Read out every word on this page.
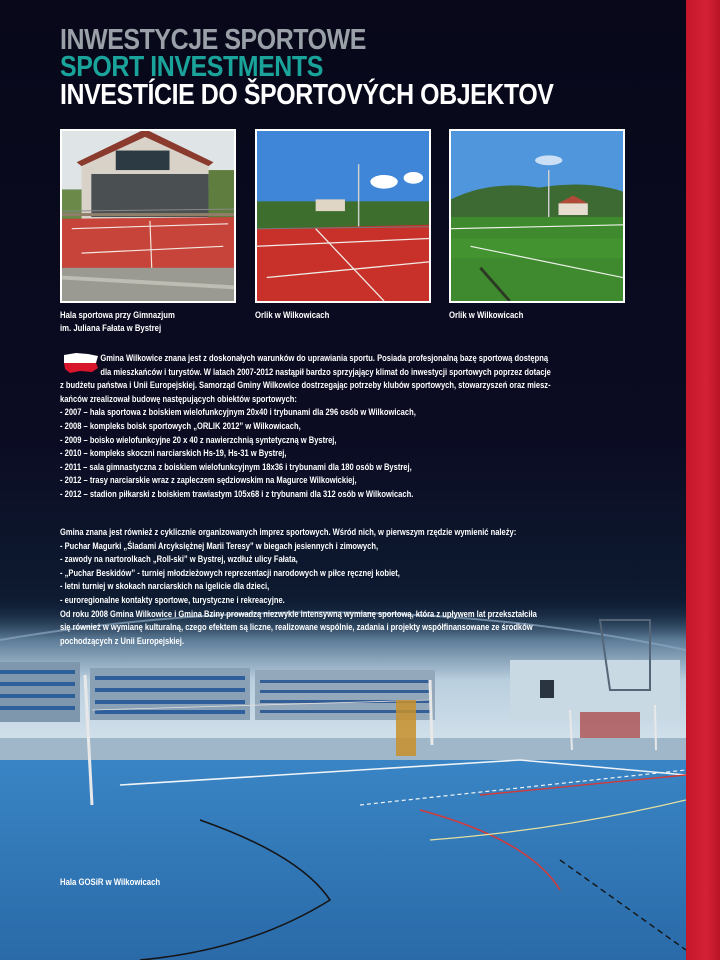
INWESTYCJE SPORTOWE
SPORT INVESTMENTS
INVESTÍCIE DO ŠPORTOVÝCH OBJEKTOV
Hala sportowa przy Gimnazjum
im. Juliana Fałata w Bystrej
Orlik w Wilkowicach	Orlik w Wilkowicach
Gmina Wilkowice znana jest z doskonałych warunków do uprawiania sportu. Posiada profesjonalną bazę sportową dostępną
dla mieszkańców i turystów. W latach 2007-2012 nastąpił bardzo sprzyjający klimat do inwestycji sportowych poprzez dotacje
z budżetu państwa i Unii Europejskiej. Samorząd Gminy Wilkowice dostrzegając potrzeby klubów sportowych, stowarzyszeń oraz miesz-
kańców zrealizował budowę następujących obiektów sportowych:
- 2007 – hala sportowa z boiskiem wielofunkcyjnym 20x40 i trybunami dla 296 osób w Wilkowicach,
- 2008 – kompleks boisk sportowych „ORLIK 2012” w Wilkowicach,
- 2009 – boisko wielofunkcyjne 20 x 40 z nawierzchnią syntetyczną w Bystrej,
- 2010 – kompleks skoczni narciarskich Hs-19, Hs-31 w Bystrej,
- 2011 – sala gimnastyczna z boiskiem wielofunkcyjnym 18x36 i trybunami dla 180 osób w Bystrej,
- 2012 – trasy narciarskie wraz z zapleczem sędziowskim na Magurce Wilkowickiej,
- 2012 – stadion piłkarski z boiskiem trawiastym 105x68 i z trybunami dla 312 osób w Wilkowicach.
Gmina znana jest również z cyklicznie organizowanych imprez sportowych. Wśród nich, w pierwszym rzędzie wymienić należy:
- Puchar Magurki „Śladami Arcyksiężnej Marii Teresy” w biegach jesiennych i zimowych,
- zawody na nartorolkach „Roll-ski” w Bystrej, wzdłuż ulicy Fałata,
- „Puchar Beskidów” - turniej młodzieżowych reprezentacji narodowych w piłce ręcznej kobiet,
- letni turniej w skokach narciarskich na igelicie dla dzieci,
- euroregionalne kontakty sportowe, turystyczne i rekreacyjne.
Od roku 2008 Gmina Wilkowice i Gmina Bziny prowadzą niezwykle intensywną wymianę sportową, która z upływem lat przekształciła
się również w wymianę kulturalną, czego efektem są liczne, realizowane wspólnie, zadania i projekty współfinansowane ze środków
pochodzących z Unii Europejskiej.
Hala GOSiR w Wilkowicach
